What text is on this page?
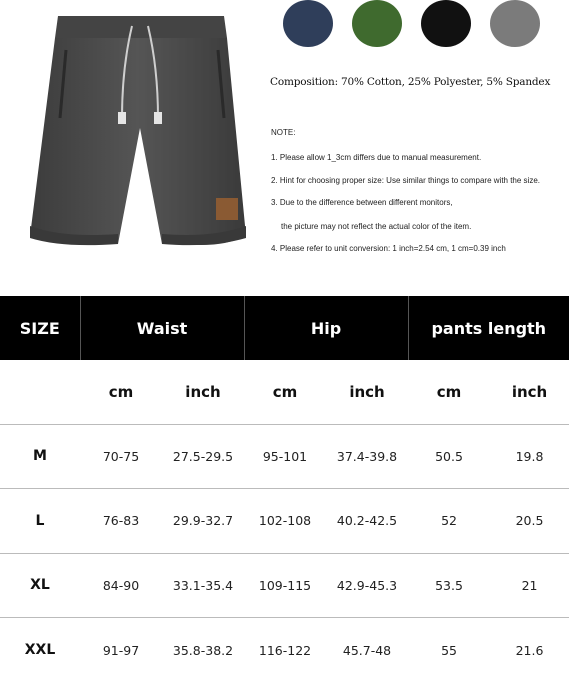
Composition: 70% Cotton, 25% Polyester, 5% Spandex
NOTE:
1. Please allow 1_3cm differs due to manual measurement.
2. Hint for choosing proper size: Use similar things to compare with the size.
3. Due to the difference between different monitors,
the picture may not reflect the actual color of the item.
4. Please refer to unit conversion: 1 inch=2.54 cm, 1 cm=0.39 inch
SIZE	Waist		Hip		pants length	
	cm	inch	cm	inch	cm	inch

M	70-75	27.5-29.5	95-101	37.4-39.8	50.5	19.8

L	76-83	29.9-32.7	102-108	40.2-42.5	52	20.5

XL	84-90	33.1-35.4	109-115	42.9-45.3	53.5	21

XXL	91-97	35.8-38.2	116-122	45.7-48	55	21.6
